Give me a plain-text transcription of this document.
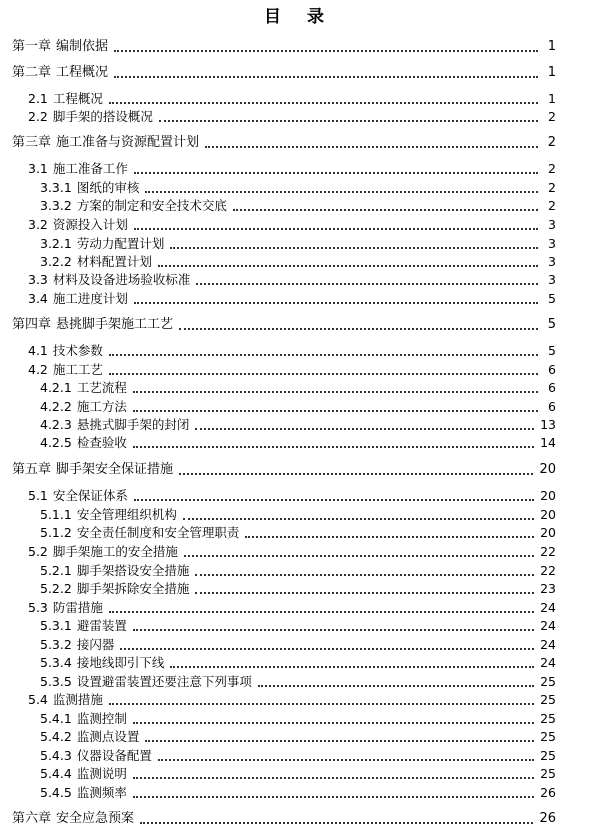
目 录
第一章 编制依据	1
第二章 工程概况	1
2.1 工程概况	1
2.2 脚手架的搭设概况	2
第三章 施工准备与资源配置计划	2
3.1 施工准备工作	2
3.3.1 图纸的审核	2
3.3.2 方案的制定和安全技术交底	2
3.2 资源投入计划	3
3.2.1 劳动力配置计划	3
3.2.2 材料配置计划	3
3.3 材料及设备进场验收标准	3
3.4 施工进度计划	5
第四章 悬挑脚手架施工工艺	5
4.1 技术参数	5
4.2 施工工艺	6
4.2.1 工艺流程	6
4.2.2 施工方法	6
4.2.3 悬挑式脚手架的封闭	13
4.2.5 检查验收	14
第五章 脚手架安全保证措施	20
5.1 安全保证体系	20
5.1.1 安全管理组织机构	20
5.1.2 安全责任制度和安全管理职责	20
5.2 脚手架施工的安全措施	22
5.2.1 脚手架搭设安全措施	22
5.2.2 脚手架拆除安全措施	23
5.3 防雷措施	24
5.3.1 避雷装置	24
5.3.2 接闪器	24
5.3.4 接地线即引下线	24
5.3.5 设置避雷装置还要注意下列事项	25
5.4 监测措施	25
5.4.1 监测控制	25
5.4.2 监测点设置	25
5.4.3 仪器设备配置	25
5.4.4 监测说明	25
5.4.5 监测频率	26
第六章 安全应急预案	26
